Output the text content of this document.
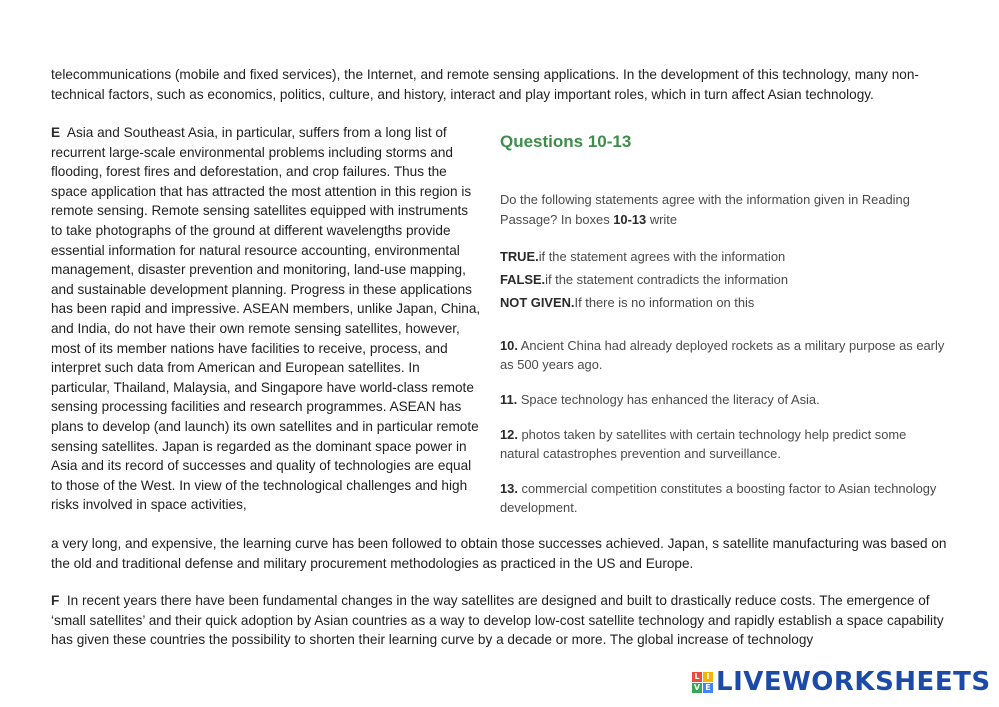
telecommunications (mobile and fixed services), the Internet, and remote sensing applications. In the development of this technology, many non-technical factors, such as economics, politics, culture, and history, interact and play important roles, which in turn affect Asian technology.

E Asia and Southeast Asia, in particular, suffers from a long list of recurrent large-scale environmental problems including storms and flooding, forest fires and deforestation, and crop failures. Thus the space application that has attracted the most attention in this region is remote sensing. Remote sensing satellites equipped with instruments to take photographs of the ground at different wavelengths provide essential information for natural resource accounting, environmental management, disaster prevention and monitoring, land-use mapping, and sustainable development planning. Progress in these applications has been rapid and impressive. ASEAN members, unlike Japan, China, and India, do not have their own remote sensing satellites, however, most of its member nations have facilities to receive, process, and interpret such data from American and European satellites. In particular, Thailand, Malaysia, and Singapore have world-class remote sensing processing facilities and research programmes. ASEAN has plans to develop (and launch) its own satellites and in particular remote sensing satellites. Japan is regarded as the dominant space power in Asia and its record of successes and quality of technologies are equal to those of the West. In view of the technological challenges and high risks involved in space activities,

a very long, and expensive, the learning curve has been followed to obtain those successes achieved. Japan, s satellite manufacturing was based on the old and traditional defense and military procurement methodologies as practiced in the US and Europe.

F In recent years there have been fundamental changes in the way satellites are designed and built to drastically reduce costs. The emergence of ‘small satellites’ and their quick adoption by Asian countries as a way to develop low-cost satellite technology and rapidly establish a space capability has given these countries the possibility to shorten their learning curve by a decade or more. The global increase of technology

Questions 10-13
Do the following statements agree with the information given in Reading Passage? In boxes 10-13 write
TRUE.if the statement agrees with the information
FALSE.if the statement contradicts the information
NOT GIVEN.If there is no information on this
10. Ancient China had already deployed rockets as a military purpose as early as 500 years ago.
11. Space technology has enhanced the literacy of Asia.
12. photos taken by satellites with certain technology help predict some natural catastrophes prevention and surveillance.
13. commercial competition constitutes a boosting factor to Asian technology development.
L I
V E LIVEWORKSHEETS
